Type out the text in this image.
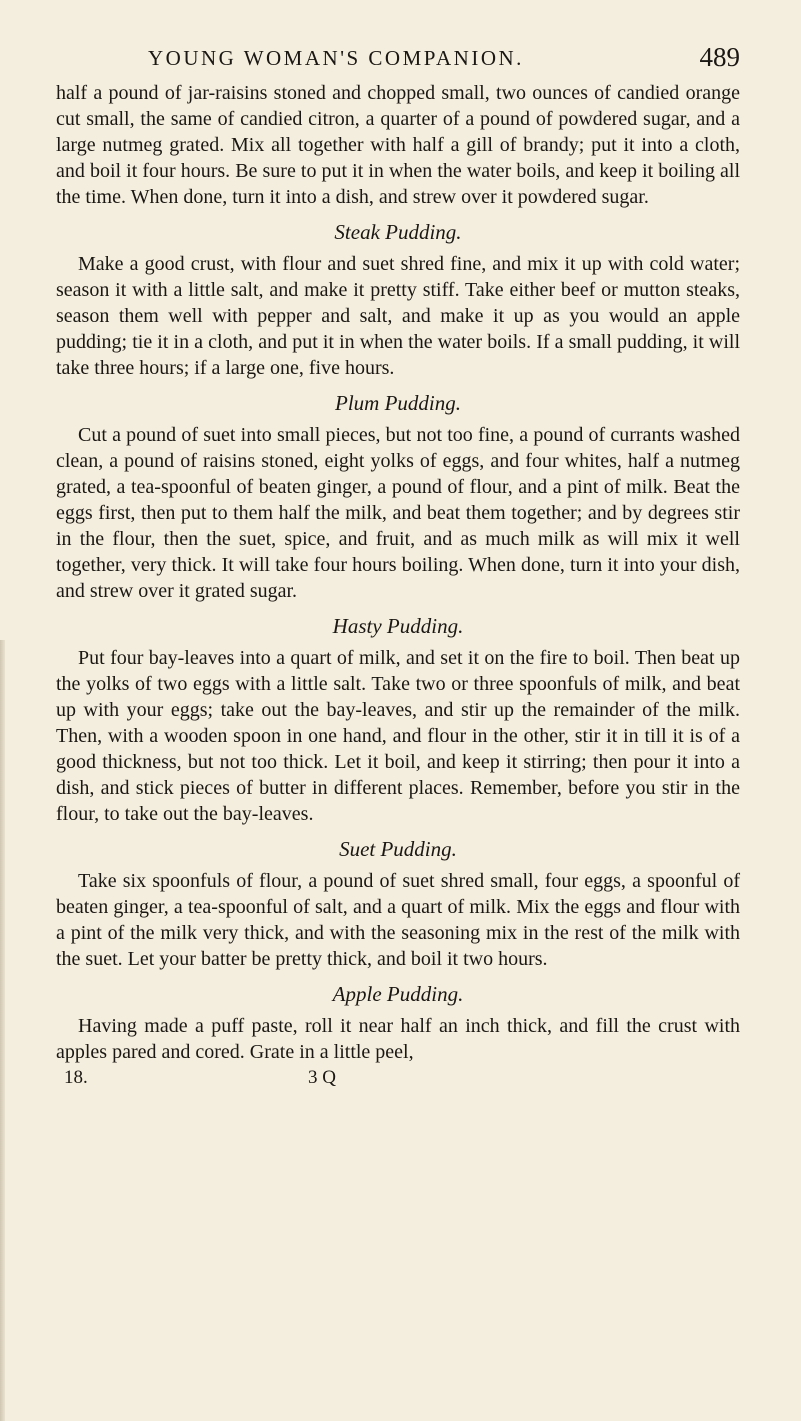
YOUNG WOMAN'S COMPANION.	489

half a pound of jar-raisins stoned and chopped small, two ounces of candied orange cut small, the same of candied citron, a quarter of a pound of powdered sugar, and a large nutmeg grated. Mix all together with half a gill of brandy; put it into a cloth, and boil it four hours. Be sure to put it in when the water boils, and keep it boiling all the time. When done, turn it into a dish, and strew over it powdered sugar.

Steak Pudding.

Make a good crust, with flour and suet shred fine, and mix it up with cold water; season it with a little salt, and make it pretty stiff. Take either beef or mutton steaks, season them well with pepper and salt, and make it up as you would an apple pudding; tie it in a cloth, and put it in when the water boils. If a small pudding, it will take three hours; if a large one, five hours.

Plum Pudding.

Cut a pound of suet into small pieces, but not too fine, a pound of currants washed clean, a pound of raisins stoned, eight yolks of eggs, and four whites, half a nutmeg grated, a tea-spoonful of beaten ginger, a pound of flour, and a pint of milk. Beat the eggs first, then put to them half the milk, and beat them together; and by degrees stir in the flour, then the suet, spice, and fruit, and as much milk as will mix it well together, very thick. It will take four hours boiling. When done, turn it into your dish, and strew over it grated sugar.

Hasty Pudding.

Put four bay-leaves into a quart of milk, and set it on the fire to boil. Then beat up the yolks of two eggs with a little salt. Take two or three spoonfuls of milk, and beat up with your eggs; take out the bay-leaves, and stir up the remainder of the milk. Then, with a wooden spoon in one hand, and flour in the other, stir it in till it is of a good thickness, but not too thick. Let it boil, and keep it stirring; then pour it into a dish, and stick pieces of butter in different places. Remember, before you stir in the flour, to take out the bay-leaves.

Suet Pudding.

Take six spoonfuls of flour, a pound of suet shred small, four eggs, a spoonful of beaten ginger, a tea-spoonful of salt, and a quart of milk. Mix the eggs and flour with a pint of the milk very thick, and with the seasoning mix in the rest of the milk with the suet. Let your batter be pretty thick, and boil it two hours.

Apple Pudding.

Having made a puff paste, roll it near half an inch thick, and fill the crust with apples pared and cored. Grate in a little peel,

18.	3 Q
